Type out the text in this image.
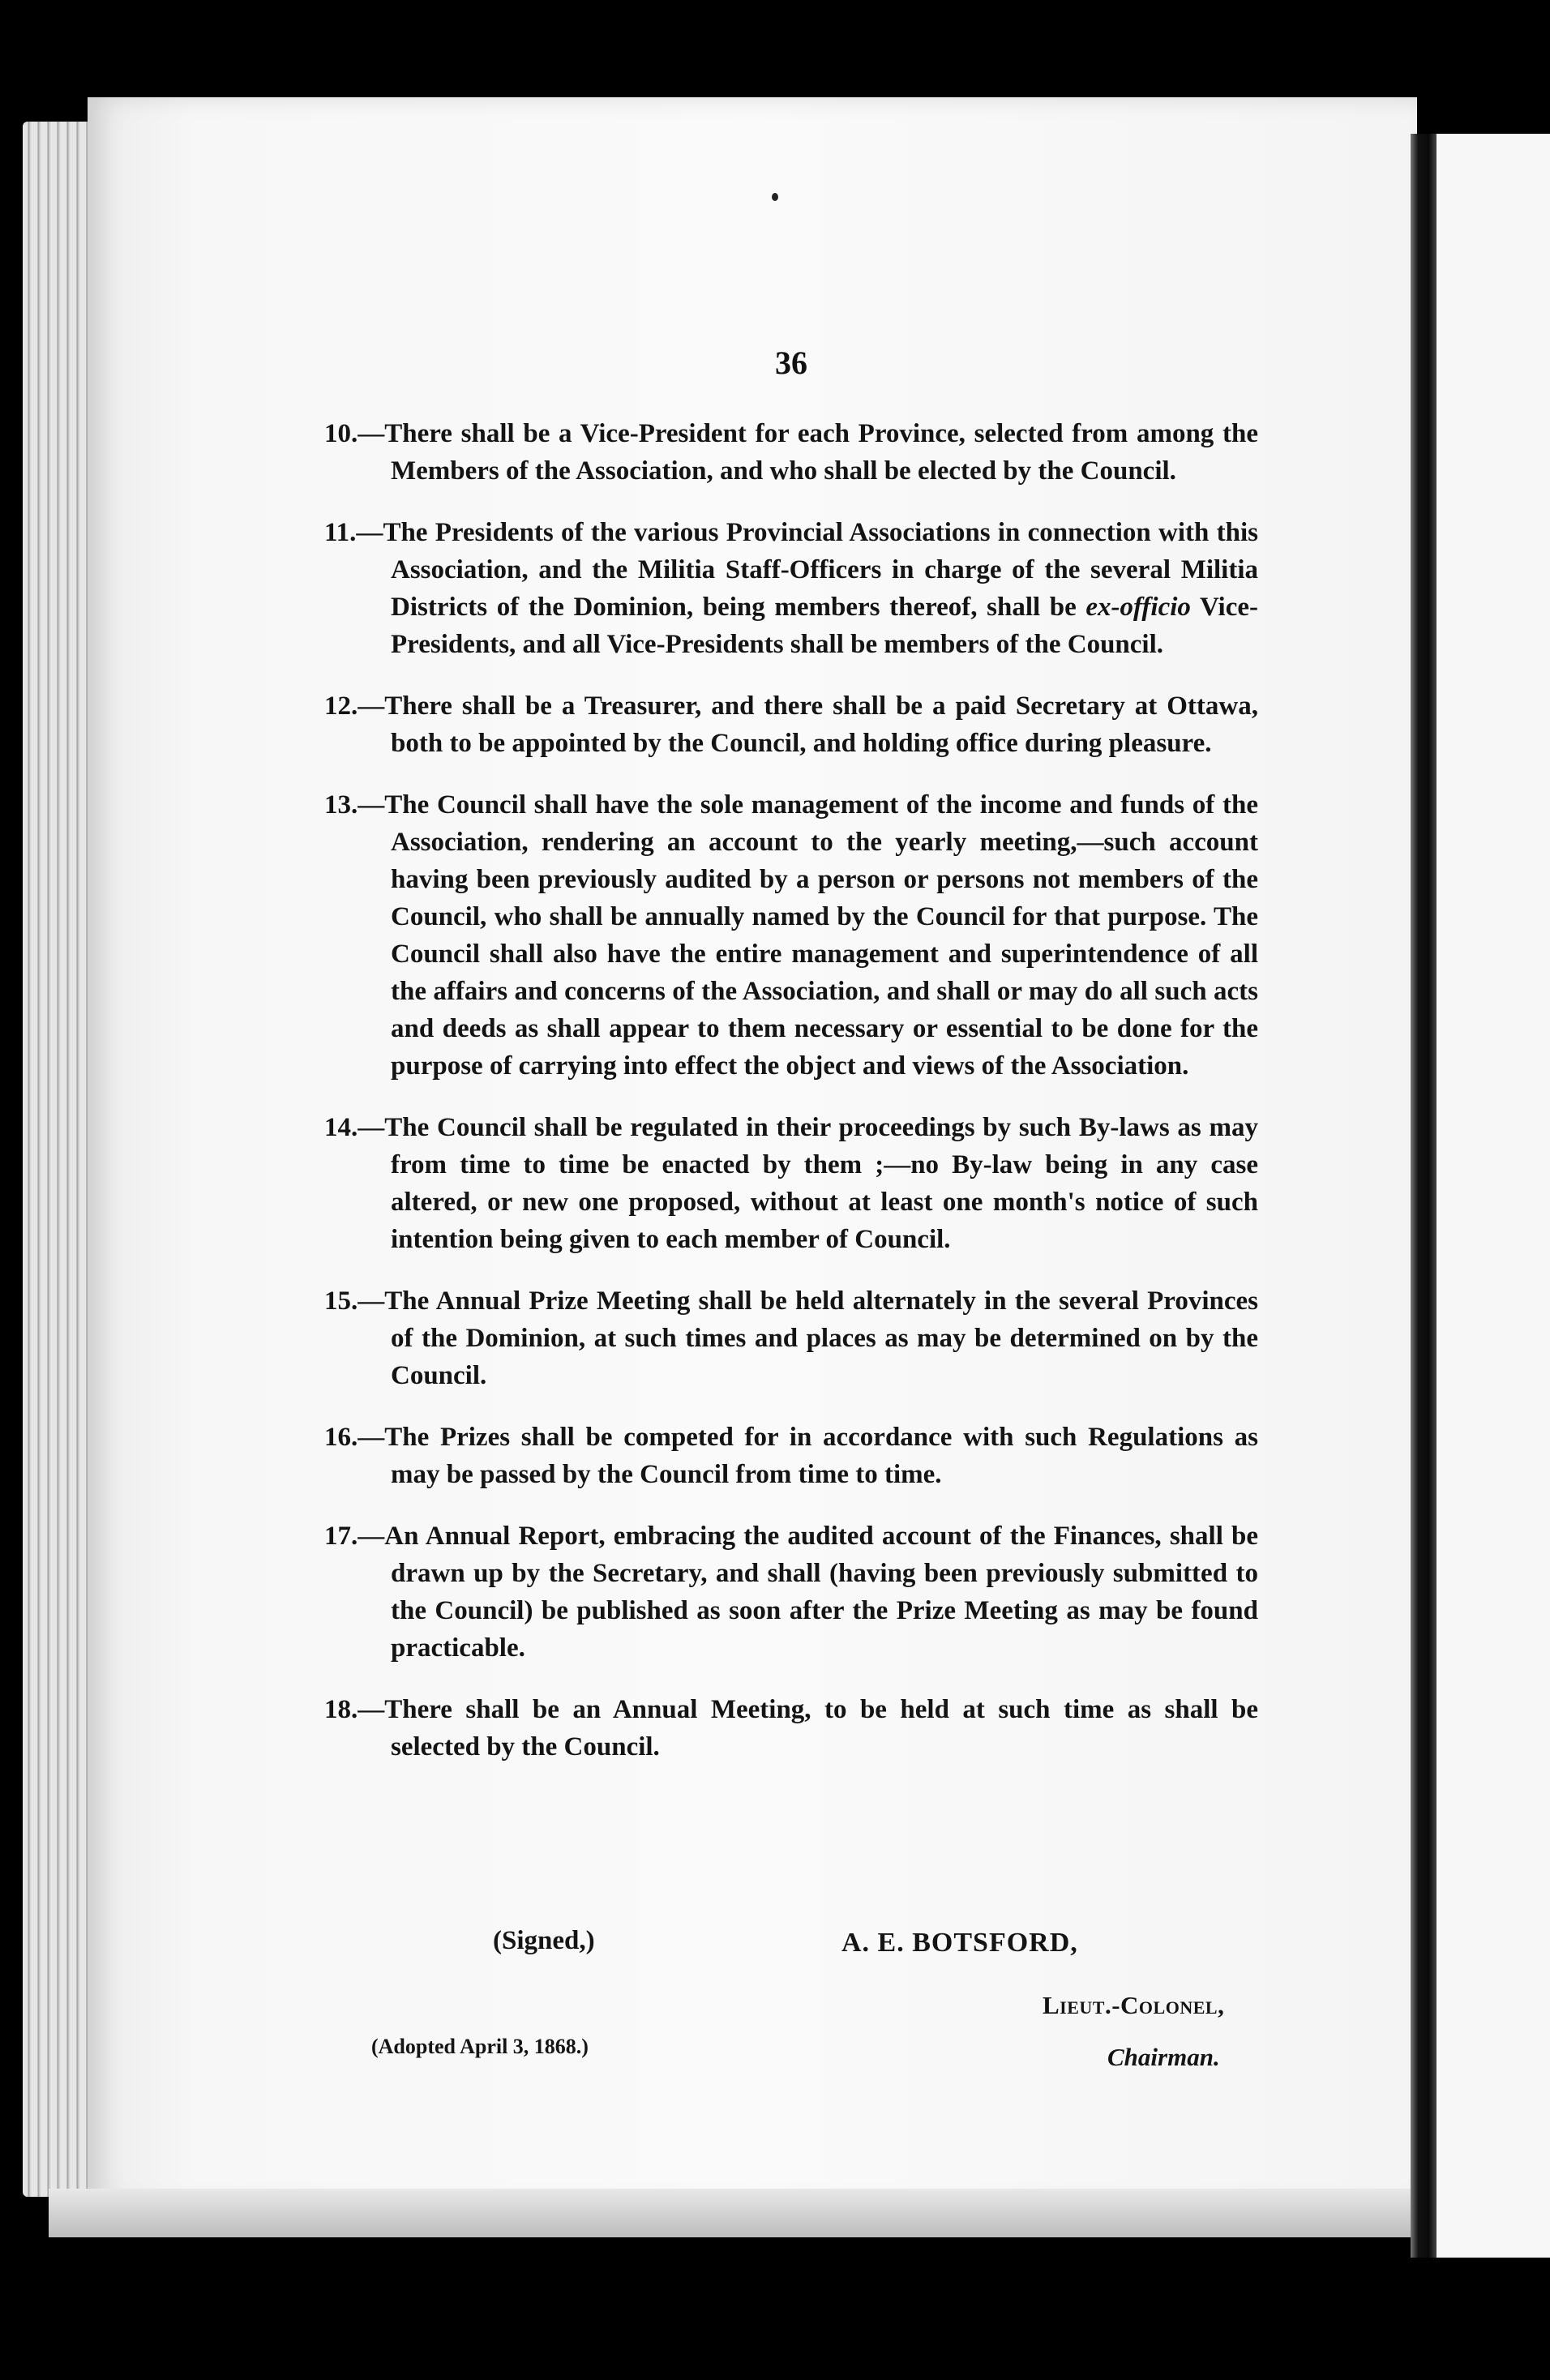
36
10.—There shall be a Vice-President for each Province, selected from among the Members of the Association, and who shall be elected by the Council.
11.—The Presidents of the various Provincial Associations in connection with this Association, and the Militia Staff-Officers in charge of the several Militia Districts of the Dominion, being members thereof, shall be ex-officio Vice-Presidents, and all Vice-Presidents shall be members of the Council.
12.—There shall be a Treasurer, and there shall be a paid Secretary at Ottawa, both to be appointed by the Council, and holding office during pleasure.
13.—The Council shall have the sole management of the income and funds of the Association, rendering an account to the yearly meeting,—such account having been previously audited by a person or persons not members of the Council, who shall be annually named by the Council for that purpose. The Council shall also have the entire management and superintendence of all the affairs and concerns of the Association, and shall or may do all such acts and deeds as shall appear to them necessary or essential to be done for the purpose of carrying into effect the object and views of the Association.
14.—The Council shall be regulated in their proceedings by such By-laws as may from time to time be enacted by them ;—no By-law being in any case altered, or new one proposed, without at least one month's notice of such intention being given to each member of Council.
15.—The Annual Prize Meeting shall be held alternately in the several Provinces of the Dominion, at such times and places as may be determined on by the Council.
16.—The Prizes shall be competed for in accordance with such Regulations as may be passed by the Council from time to time.
17.—An Annual Report, embracing the audited account of the Finances, shall be drawn up by the Secretary, and shall (having been previously submitted to the Council) be published as soon after the Prize Meeting as may be found practicable.
18.—There shall be an Annual Meeting, to be held at such time as shall be selected by the Council.
(Signed,)	A. E. BOTSFORD,
Lieut.-Colonel,
(Adopted April 3, 1868.)	Chairman.
